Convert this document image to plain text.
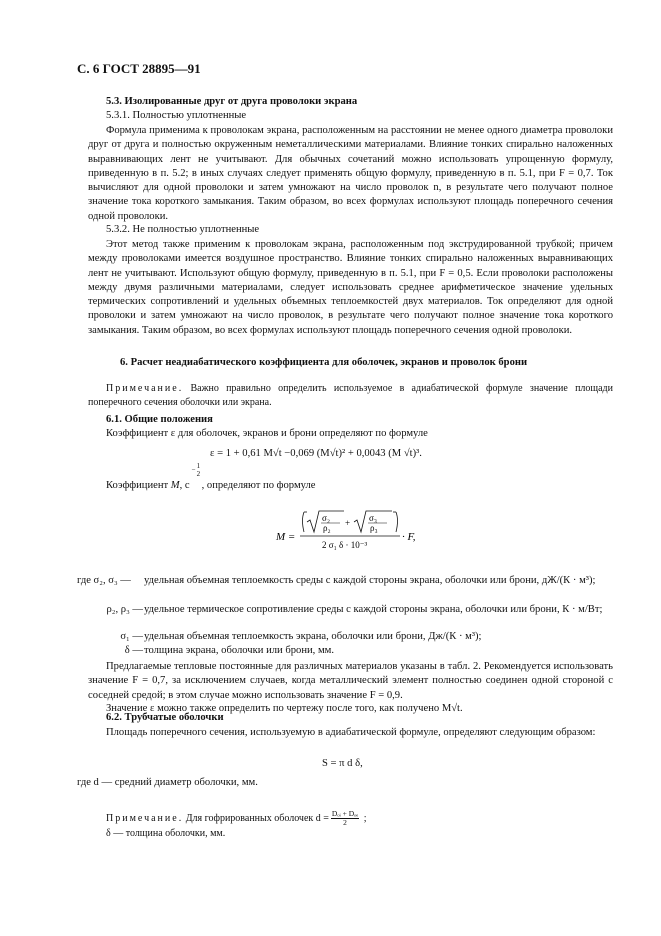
С. 6 ГОСТ 28895—91
5.3. Изолированные друг от друга проволоки экрана
5.3.1. Полностью уплотненные

Формула применима к проволокам экрана, расположенным на расстоянии не менее одного диаметра проволоки друг от друга и полностью окруженным неметаллическими материалами. Влияние тонких спирально наложенных выравнивающих лент не учитывают. Для обычных сочетаний можно использовать упрощенную формулу, приведенную в п. 5.2; в иных случаях следует применять общую формулу, приведенную в п. 5.1, при F = 0,7. Ток вычисляют для одной проволоки и затем умножают на число проволок n, в результате чего получают полное значение тока короткого замыкания. Таким образом, во всех формулах используют площадь поперечного сечения одной проволоки.

5.3.2. Не полностью уплотненные

Этот метод также применим к проволокам экрана, расположенным под экструдированной трубкой; причем между проволоками имеется воздушное пространство. Влияние тонких спирально наложенных выравнивающих лент не учитывают. Используют общую формулу, приведенную в п. 5.1, при F = 0,5. Если проволоки расположены между двумя различными материалами, следует использовать среднее арифметическое значение удельных термических сопротивлений и удельных объемных теплоемкостей двух материалов. Ток определяют для одной проволоки и затем умножают на число проволок, в результате чего получают полное значение тока короткого замыкания. Таким образом, во всех формулах используют площадь поперечного сечения одной проволоки.

6. Расчет неадиабатического коэффициента для оболочек, экранов и проволок брони

Примечание. Важно правильно определить используемое в адиабатической формуле значение площади поперечного сечения оболочки или экрана.

6.1. Общие положения
Коэффициент ε для оболочек, экранов и брони определяют по формуле
ε = 1 + 0,61 M√t −0,069 (M√t)² + 0,0043 (M √t)³.
Коэффициент M, с
− 1
2
, определяют по формуле
M =
σ₂
ρ₂ + σ₃
ρ₃
2 σ₁ δ · 10⁻³
· F,
где σ₂, σ₃ —	удельная объемная теплоемкость среды с каждой стороны экрана, оболочки или брони, дЖ/(К · м³);
ρ₂, ρ₃ — удельное термическое сопротивление среды с каждой стороны экрана, оболочки или брони, К · м/Вт;
σ₁ — удельная объемная теплоемкость экрана, оболочки или брони, Дж/(К · м³);
δ — толщина экрана, оболочки или брони, мм.

Предлагаемые тепловые постоянные для различных материалов указаны в табл. 2. Рекомендуется использовать значение F = 0,7, за исключением случаев, когда металлический элемент полностью соединен одной стороной с соседней средой; в этом случае можно использовать значение F = 0,9.

Значение ε можно также определить по чертежу после того, как получено M√t.

6.2. Трубчатые оболочки

Площадь поперечного сечения, используемую в адиабатической формуле, определяют следующим образом:

S = π d δ,
где d — средний диаметр оболочки, мм.
Примечание. Для гофрированных оболочек d = Dₒᵢ + Dₒₑ
2	;
δ — толщина оболочки, мм.
